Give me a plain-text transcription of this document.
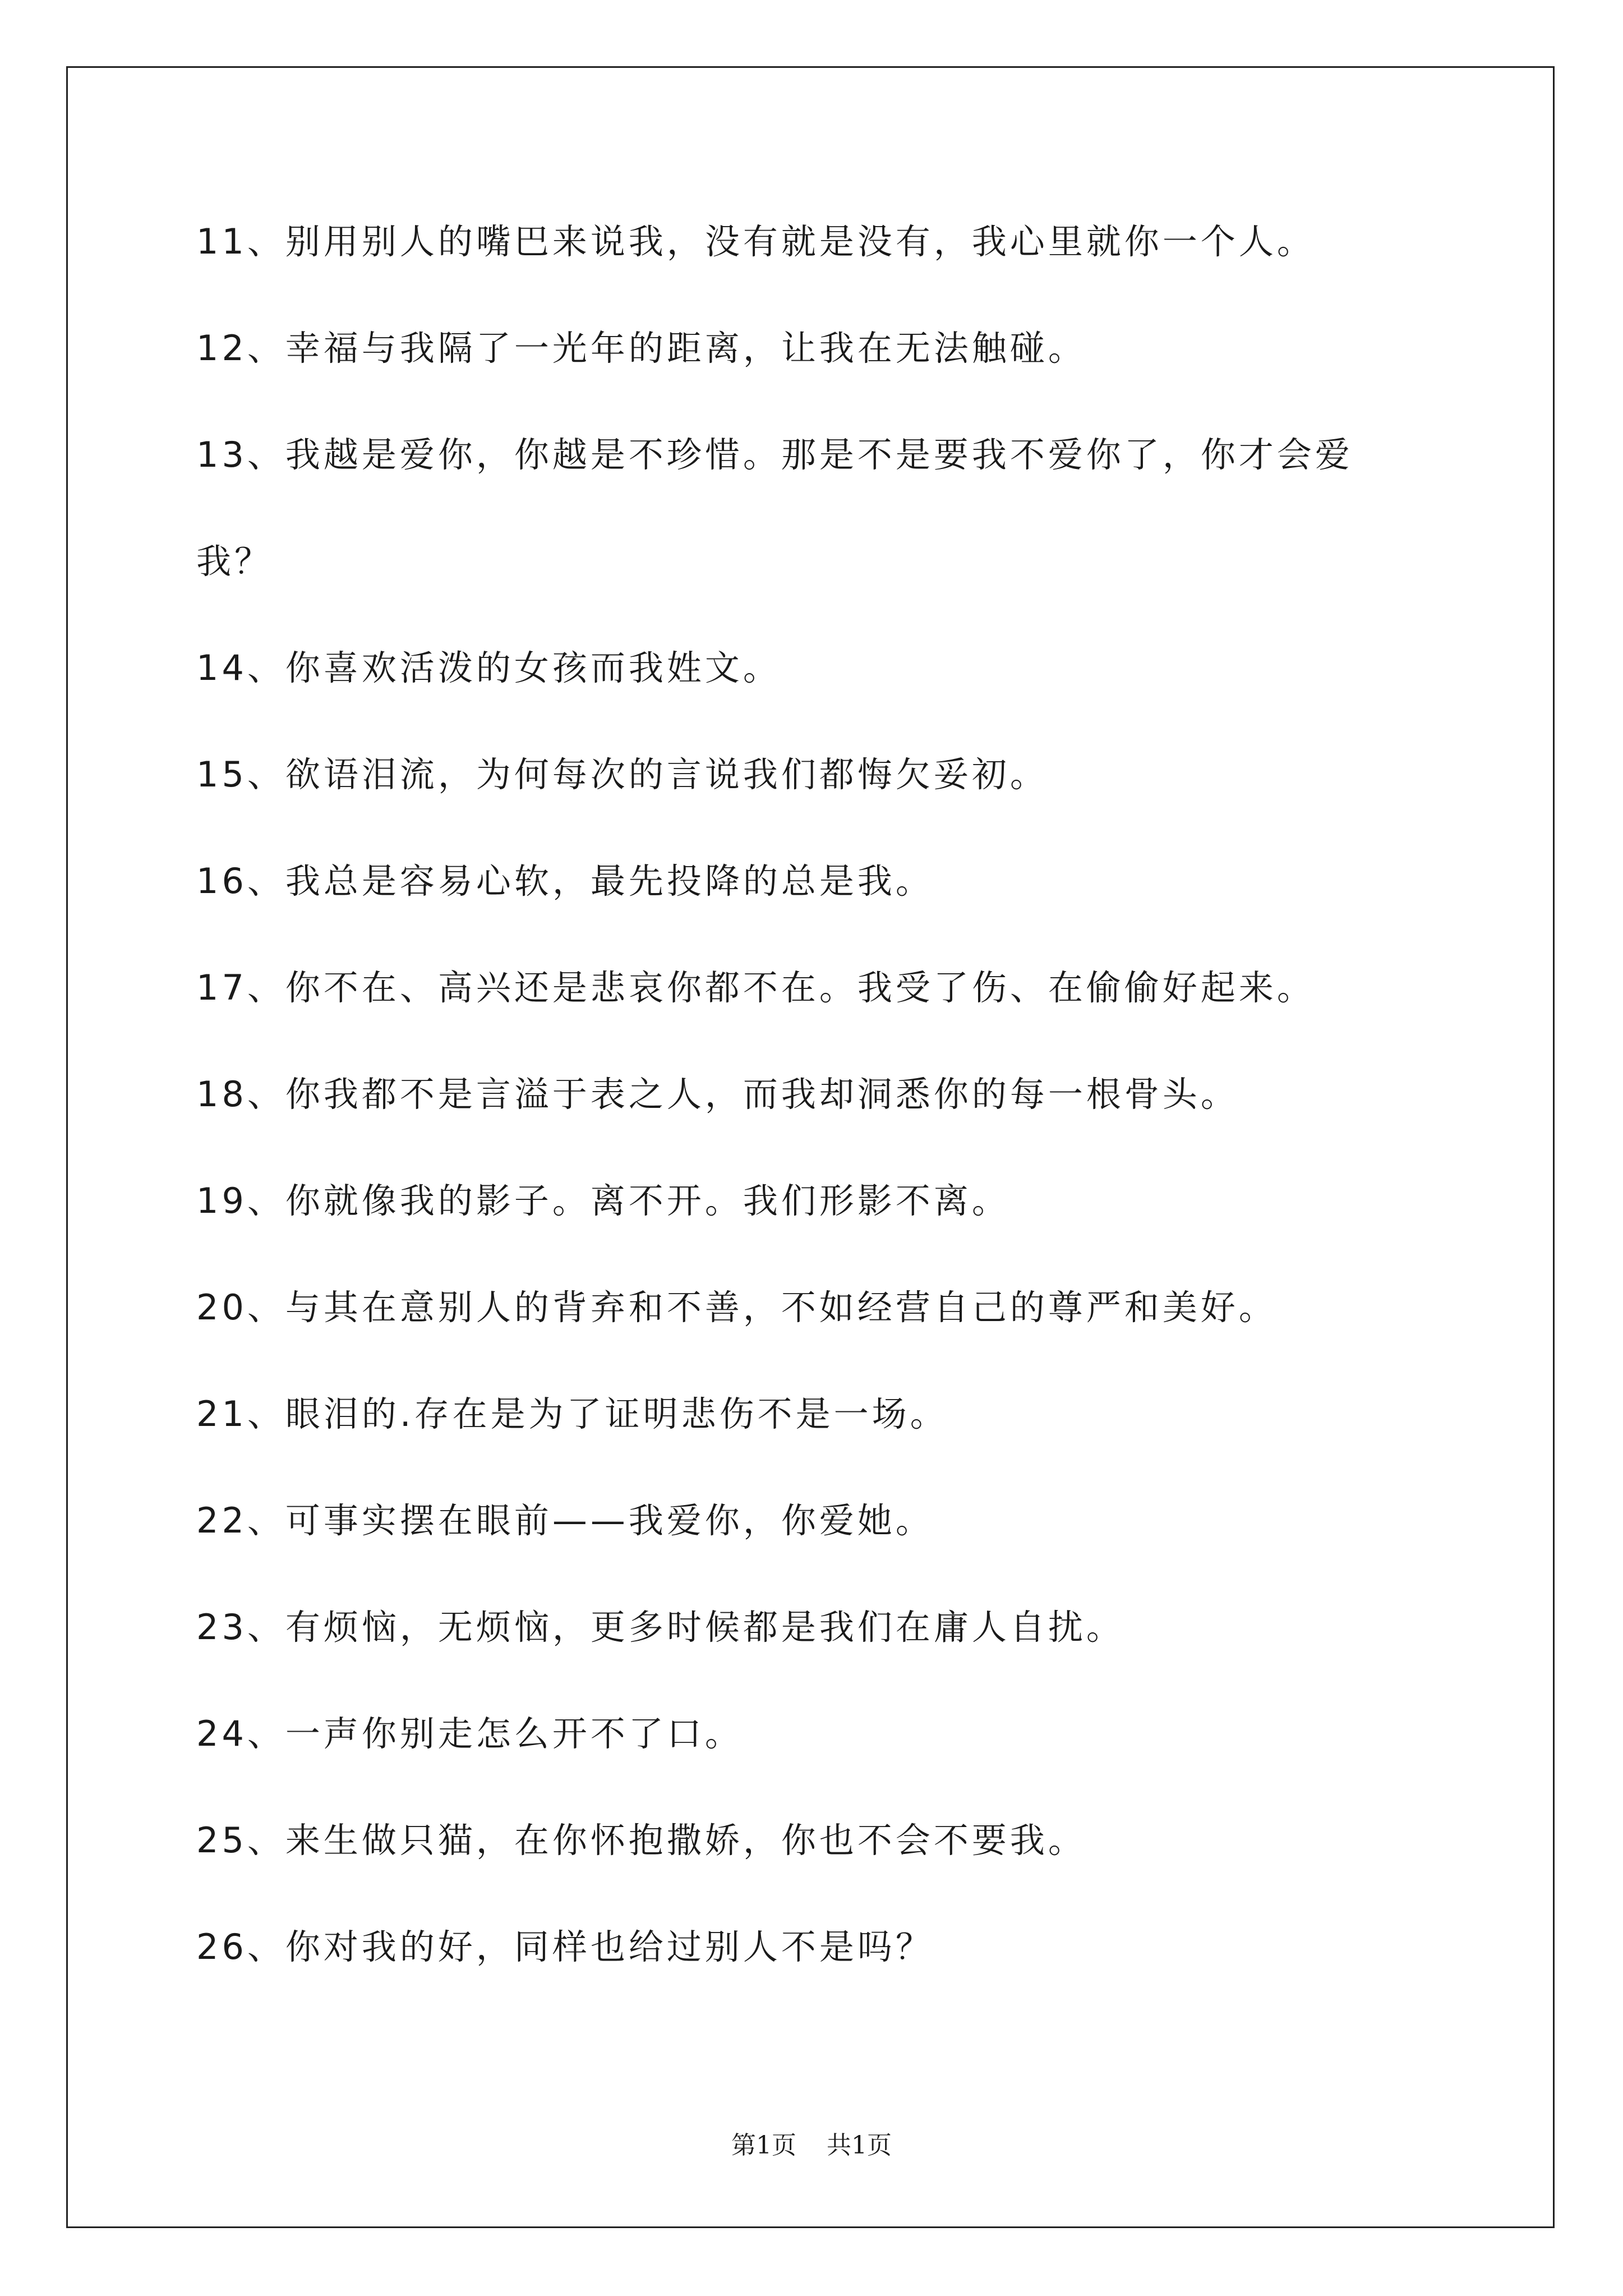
11、别用别人的嘴巴来说我，没有就是没有，我心里就你一个人。
12、幸福与我隔了一光年的距离，让我在无法触碰。
13、我越是爱你，你越是不珍惜。那是不是要我不爱你了，你才会爱
我？
14、你喜欢活泼的女孩而我姓文。
15、欲语泪流，为何每次的言说我们都悔欠妥初。
16、我总是容易心软，最先投降的总是我。
17、你不在、高兴还是悲哀你都不在。我受了伤、在偷偷好起来。
18、你我都不是言溢于表之人，而我却洞悉你的每一根骨头。
19、你就像我的影子。离不开。我们形影不离。
20、与其在意别人的背弃和不善，不如经营自己的尊严和美好。
21、眼泪的.存在是为了证明悲伤不是一场。
22、可事实摆在眼前——我爱你，你爱她。
23、有烦恼，无烦恼，更多时候都是我们在庸人自扰。
24、一声你别走怎么开不了口。
25、来生做只猫，在你怀抱撒娇，你也不会不要我。
26、你对我的好，同样也给过别人不是吗？
第1页 共1页
